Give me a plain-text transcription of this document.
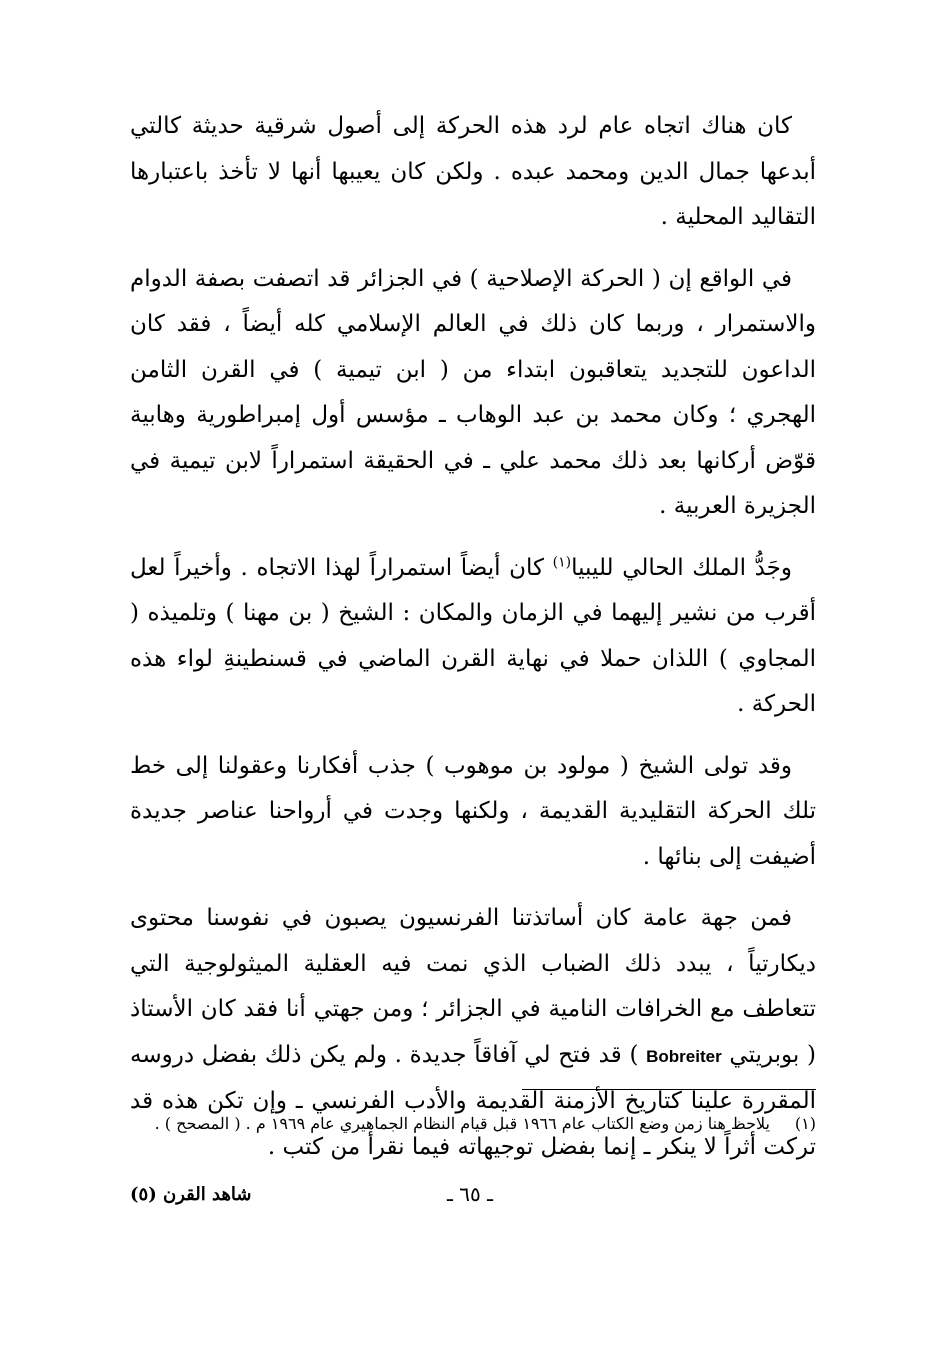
كان هناك اتجاه عام لرد هذه الحركة إلى أصول شرقية حديثة كالتي أبدعها جمال الدين ومحمد عبده . ولكن كان يعيبها أنها لا تأخذ باعتبارها التقاليد المحلية .

في الواقع إن ( الحركة الإصلاحية ) في الجزائر قد اتصفت بصفة الدوام والاستمرار ، وربما كان ذلك في العالم الإسلامي كله أيضاً ، فقد كان الداعون للتجديد يتعاقبون ابتداء من ( ابن تيمية ) في القرن الثامن الهجري ؛ وكان محمد بن عبد الوهاب ـ مؤسس أول إمبراطورية وهابية قوّض أركانها بعد ذلك محمد علي ـ في الحقيقة استمراراً لابن تيمية في الجزيرة العربية .

وجَدُّ الملك الحالي لليبيا$^{(١)}$ كان أيضاً استمراراً لهذا الاتجاه . وأخيراً لعل أقرب من نشير إليهما في الزمان والمكان : الشيخ ( بن مهنا ) وتلميذه ( المجاوي ) اللذان حملا في نهاية القرن الماضي في قسنطينةِ لواء هذه الحركة .

وقد تولى الشيخ ( مولود بن موهوب ) جذب أفكارنا وعقولنا إلى خط تلك الحركة التقليدية القديمة ، ولكنها وجدت في أرواحنا عناصر جديدة أضيفت إلى بنائها .

فمن جهة عامة كان أساتذتنا الفرنسيون يصبون في نفوسنا محتوى ديكارتياً ، يبدد ذلك الضباب الذي نمت فيه العقلية الميثولوجية التي تتعاطف مع الخرافات النامية في الجزائر ؛ ومن جهتي أنا فقد كان الأستاذ ( بوبريتي Bobreiter ) قد فتح لي آفاقاً جديدة . ولم يكن ذلك بفضل دروسه المقررة علينا كتاريخ الأزمنة القديمة والأدب الفرنسي ـ وإن تكن هذه قد تركت أثراً لا ينكر ـ إنما بفضل توجيهاته فيما نقرأ من كتب .

(١)
يلاحظ هنا زمن وضع الكتاب عام ١٩٦٦ قبل قيام النظام الجماهيري عام ١٩٦٩ م . ( المصحح ) .
شاهد القرن (٥)	ـ ٦٥ ـ
